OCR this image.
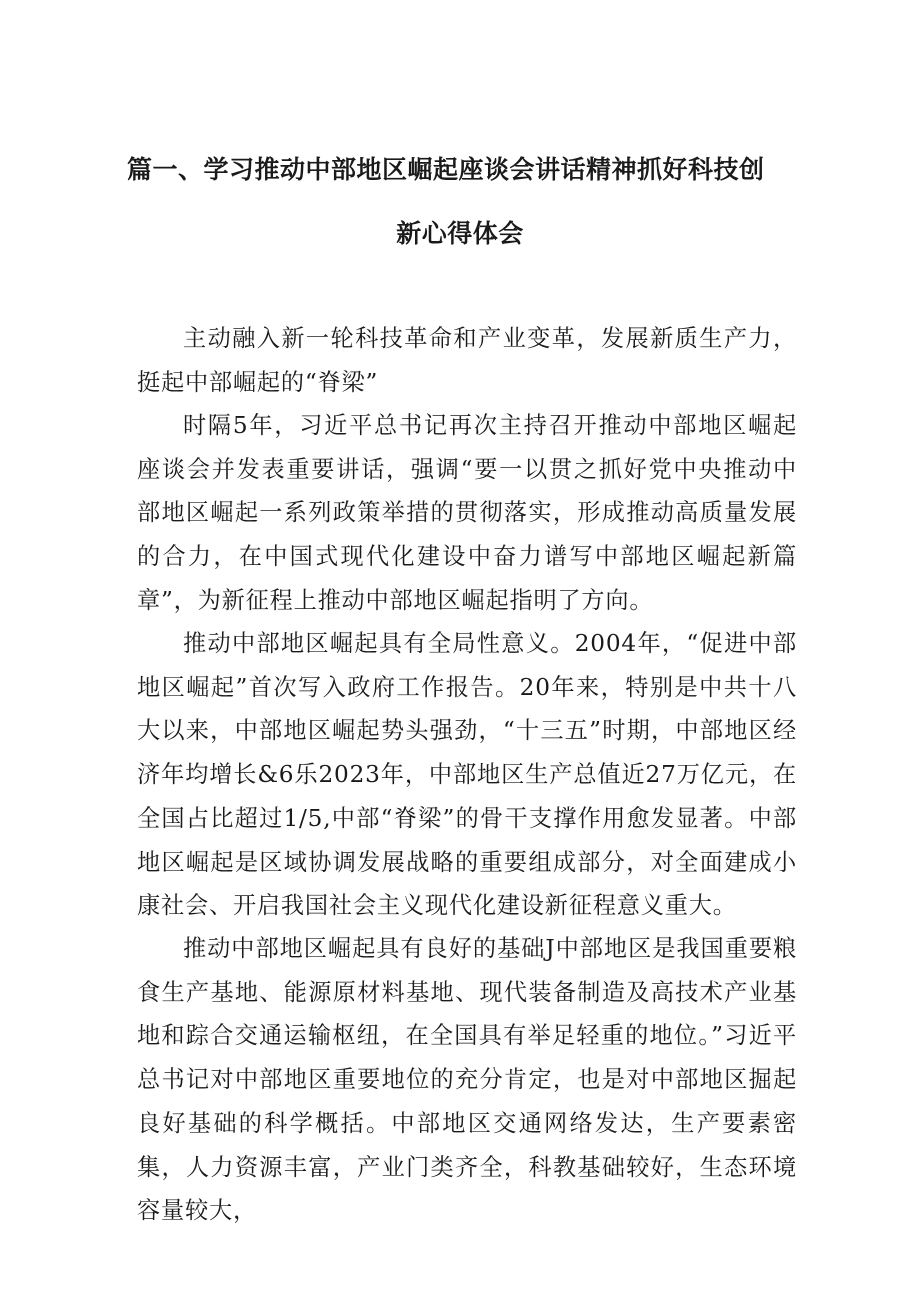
篇一、学习推动中部地区崛起座谈会讲话精神抓好科技创
新心得体会

主动融入新一轮科技革命和产业变革，发展新质生产力，挺起中部崛起的“脊梁”

时隔5年，习近平总书记再次主持召开推动中部地区崛起座谈会并发表重要讲话，强调“要一以贯之抓好党中央推动中部地区崛起一系列政策举措的贯彻落实，形成推动高质量发展的合力，在中国式现代化建设中奋力谱写中部地区崛起新篇章”，为新征程上推动中部地区崛起指明了方向。

推动中部地区崛起具有全局性意义。2004年，“促进中部地区崛起”首次写入政府工作报告。20年来，特别是中共十八大以来，中部地区崛起势头强劲，“十三五”时期，中部地区经济年均增长&6乐2023年，中部地区生产总值近27万亿元，在全国占比超过1/5,中部“脊梁”的骨干支撑作用愈发显著。中部地区崛起是区域协调发展战略的重要组成部分，对全面建成小康社会、开启我国社会主义现代化建设新征程意义重大。

推动中部地区崛起具有良好的基础J中部地区是我国重要粮食生产基地、能源原材料基地、现代装备制造及高技术产业基地和踪合交通运输枢纽，在全国具有举足轻重的地位。”习近平总书记对中部地区重要地位的充分肯定，也是对中部地区掘起良好基础的科学概括。中部地区交通网络发达，生产要素密集，人力资源丰富，产业门类齐全，科教基础较好，生态环境容量较大，
